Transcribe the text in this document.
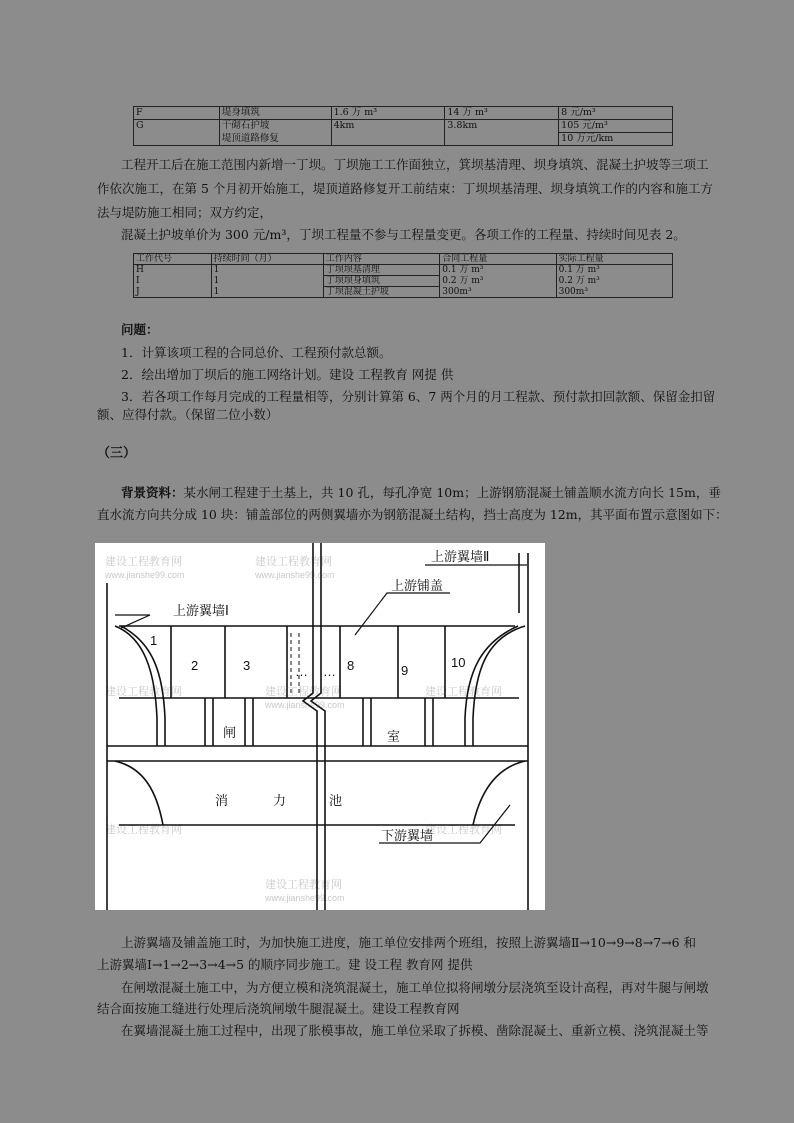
F	堤身填筑	1.6 万 m³	14 万 m³	8 元/m³
G	干砌石护坡	4km	3.8km	105 元/m³
	堤顶道路修复			10 万元/km
工程开工后在施工范围内新增一丁坝。丁坝施工工作面独立，箕坝基清理、坝身填筑、混凝土护坡等三项工
作依次施工，在第 5 个月初开始施工，堤顶道路修复开工前结束：丁坝坝基清理、坝身填筑工作的内容和施工方
法与堤防施工相同；双方约定，
混凝土护坡单价为 300 元/m³，丁坝工程量不参与工程量变更。各项工作的工程量、持续时间见表 2。
工作代号	持续时间（月）	工作内容	合同工程量	实际工程量
H	1	丁坝坝基清理	0.1 万 m³	0.1 万 m³
I	1	丁坝坝身填筑	0.2 万 m³	0.2 万 m³
J	1	丁坝混凝土护坡	300m³	300m³
问题：
1．计算该项工程的合同总价、工程预付款总额。
2．绘出增加丁坝后的施工网络计划。建设 工程教育 网提 供
3．若各项工作每月完成的工程量相等，分别计算第 6、7 两个月的月工程款、预付款扣回款额、保留金扣留
额、应得付款。（保留二位小数）
（三）
背景资料：某水闸工程建于土基上，共 10 孔，每孔净宽 10m；上游钢筋混凝土铺盖顺水流方向长 15m，垂
直水流方向共分成 10 块：铺盖部位的两侧翼墙亦为钢筋混凝土结构，挡士高度为 12m，其平面布置示意图如下：
建设工程教育网	建设工程教育网
www.jianshe99.com	www.jianshe99.com
建设工程教育网	建设工程教育网	建设工程教育网
www.jianshe99.com
建设工程教育网	建设工程教育网
建设工程教育网
www.jianshe99.com
上游翼墙Ⅰ
上游翼墙Ⅱ
上游铺盖
下游翼墙
1
2	3	… … 8	9
10
闸	室
消	力	池
上游翼墙及铺盖施工时，为加快施工进度，施工单位安排两个班组，按照上游翼墙Ⅱ→10→9→8→7→6 和
上游翼墙Ⅰ→1→2→3→4→5 的顺序同步施工。建 设工程 教育网 提供
在闸墩混凝土施工中，为方便立模和浇筑混凝土，施工单位拟将闸墩分层浇筑至设计高程，再对牛腿与闸墩
结合面按施工缝进行处理后浇筑闸墩牛腿混凝土。建设工程教育网
在翼墙混凝土施工过程中，出现了胀模事故，施工单位采取了拆模、凿除混凝土、重新立模、浇筑混凝土等
